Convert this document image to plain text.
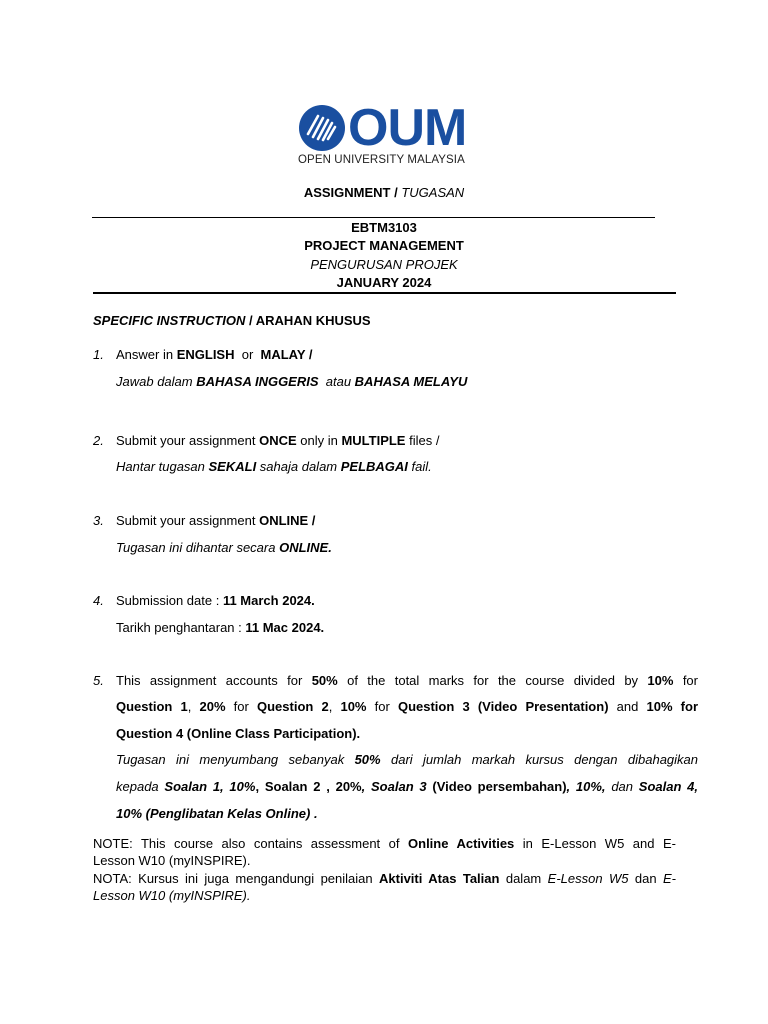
OUM
OPEN UNIVERSITY MALAYSIA
ASSIGNMENT / TUGASAN
EBTM3103
PROJECT MANAGEMENT
PENGURUSAN PROJEK
JANUARY 2024
SPECIFIC INSTRUCTION / ARAHAN KHUSUS
1. Answer in ENGLISH  or  MALAY /
Jawab dalam BAHASA INGGERIS  atau BAHASA MELAYU
2. Submit your assignment ONCE only in MULTIPLE files /
Hantar tugasan SEKALI sahaja dalam PELBAGAI fail.
3. Submit your assignment ONLINE /
Tugasan ini dihantar secara ONLINE.
4. Submission date : 11 March 2024.
Tarikh penghantaran : 11 Mac 2024.
5. This assignment accounts for 50% of the total marks for the course divided by 10% for
Question 1, 20% for Question 2, 10% for Question 3 (Video Presentation) and 10% for
Question 4 (Online Class Participation).
Tugasan ini menyumbang sebanyak 50% dari jumlah markah kursus dengan dibahagikan
kepada Soalan 1, 10%, Soalan 2 , 20%, Soalan 3 (Video persembahan), 10%, dan Soalan 4,
10% (Penglibatan Kelas Online) .
NOTE: This course also contains assessment of Online Activities in E-Lesson W5 and E-
Lesson W10 (myINSPIRE).
NOTA: Kursus ini juga mengandungi penilaian Aktiviti Atas Talian dalam E-Lesson W5 dan E-
Lesson W10 (myINSPIRE).
